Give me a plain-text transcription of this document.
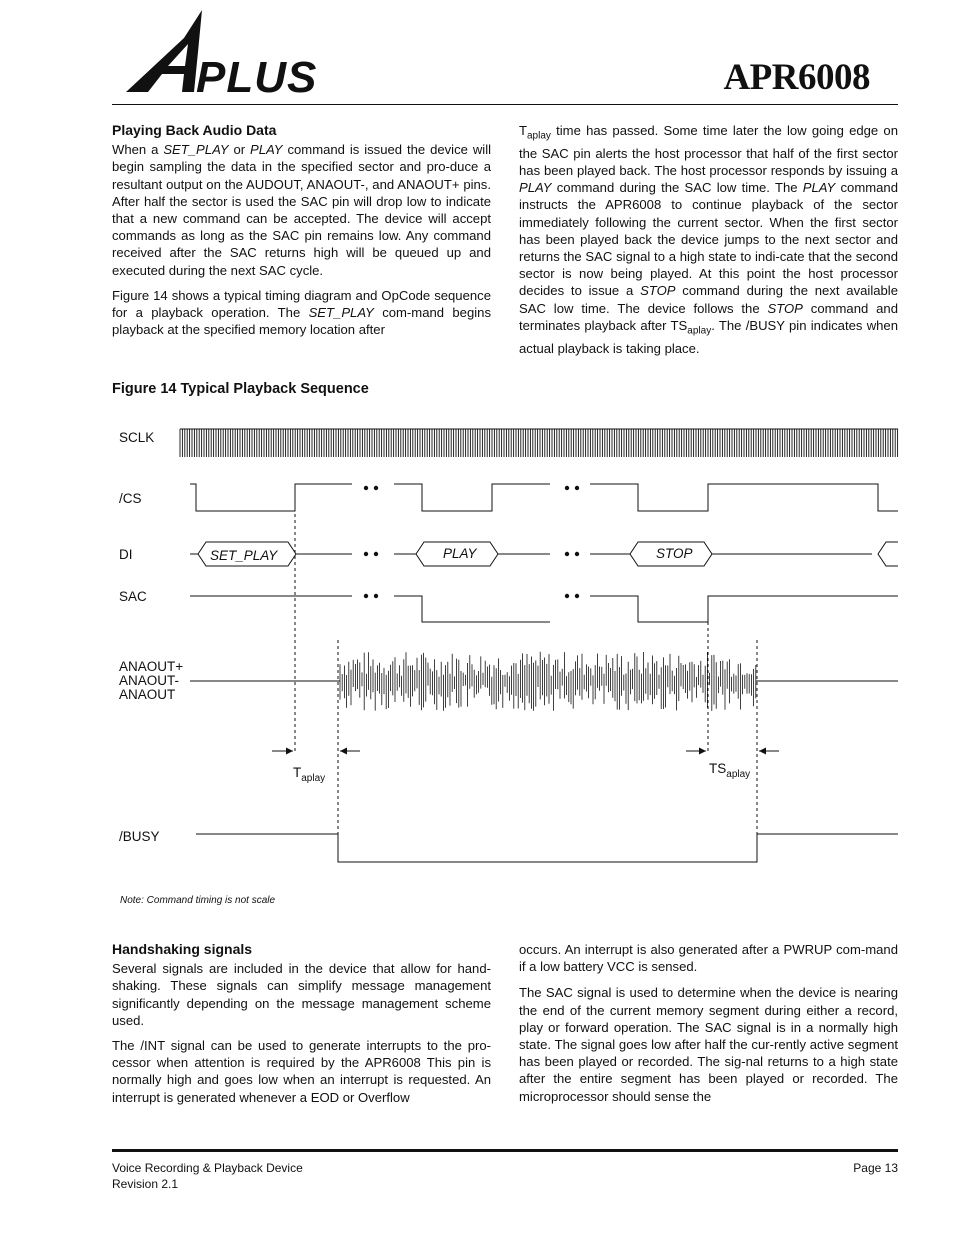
PLUS	APR6008
Playing Back Audio Data

When a SET_PLAY or PLAY command is issued the device will begin sampling the data in the specified sector and pro-duce a resultant output on the AUDOUT, ANAOUT-, and ANAOUT+ pins. After half the sector is used the SAC pin will drop low to indicate that a new command can be accepted. The device will accept commands as long as the SAC pin remains low. Any command received after the SAC returns high will be queued up and executed during the next SAC cycle.

Figure 14 shows a typical timing diagram and OpCode sequence for a playback operation. The SET_PLAY com-mand begins playback at the specified memory location after

$T_{aplay}$ time has passed. Some time later the low going edge on the SAC pin alerts the host processor that half of the first sector has been played back. The host processor responds by issuing a PLAY command during the SAC low time. The PLAY command instructs the APR6008 to continue playback of the sector immediately following the current sector. When the first sector has been played back the device jumps to the next sector and returns the SAC signal to a high state to indi-cate that the second sector is now being played. At this point the host processor decides to issue a STOP command during the next available SAC low time. The device follows the STOP command and terminates playback after $TS_{aplay}$. The /BUSY pin indicates when actual playback is taking place.

Figure 14 Typical Playback Sequence
SCLK
/CS
DI
SAC
ANAOUT+
ANAOUT-
ANAOUT
/BUSY
SET_PLAY	PLAY	STOP
$T_{aplay}$
$TS_{aplay}$
Note: Command timing is not scale
Handshaking signals

Several signals are included in the device that allow for hand-shaking. These signals can simplify message management significantly depending on the message management scheme used.

The /INT signal can be used to generate interrupts to the pro-cessor when attention is required by the APR6008 This pin is normally high and goes low when an interrupt is requested. An interrupt is generated whenever a EOD or Overflow

occurs. An interrupt is also generated after a PWRUP com-mand if a low battery VCC is sensed.

The SAC signal is used to determine when the device is nearing the end of the current memory segment during either a record, play or forward operation. The SAC signal is in a normally high state. The signal goes low after half the cur-rently active segment has been played or recorded. The sig-nal returns to a high state after the entire segment has been played or recorded. The microprocessor should sense the

Voice Recording & Playback Device
Revision 2.1
Page 13
